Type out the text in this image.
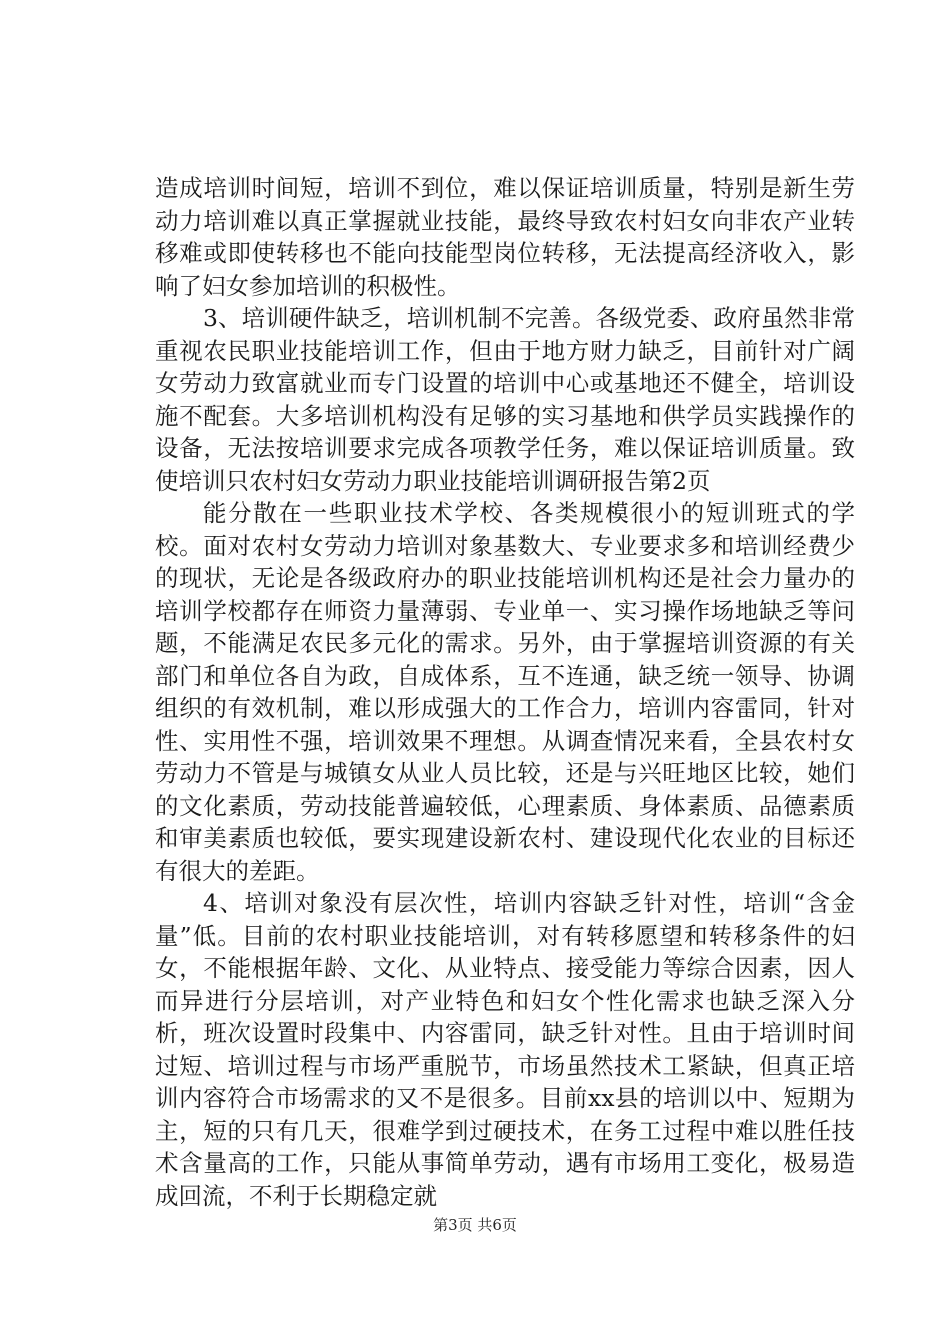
造成培训时间短，培训不到位，难以保证培训质量，特别是新生劳动力培训难以真正掌握就业技能，最终导致农村妇女向非农产业转移难或即使转移也不能向技能型岗位转移，无法提高经济收入，影响了妇女参加培训的积极性。

3、培训硬件缺乏，培训机制不完善。各级党委、政府虽然非常重视农民职业技能培训工作，但由于地方财力缺乏，目前针对广阔女劳动力致富就业而专门设置的培训中心或基地还不健全，培训设施不配套。大多培训机构没有足够的实习基地和供学员实践操作的设备，无法按培训要求完成各项教学任务，难以保证培训质量。致使培训只农村妇女劳动力职业技能培训调研报告第2页

能分散在一些职业技术学校、各类规模很小的短训班式的学校。面对农村女劳动力培训对象基数大、专业要求多和培训经费少的现状，无论是各级政府办的职业技能培训机构还是社会力量办的培训学校都存在师资力量薄弱、专业单一、实习操作场地缺乏等问题，不能满足农民多元化的需求。另外，由于掌握培训资源的有关部门和单位各自为政，自成体系，互不连通，缺乏统一领导、协调组织的有效机制，难以形成强大的工作合力，培训内容雷同，针对性、实用性不强，培训效果不理想。从调查情况来看，全县农村女劳动力不管是与城镇女从业人员比较，还是与兴旺地区比较，她们的文化素质，劳动技能普遍较低，心理素质、身体素质、品德素质和审美素质也较低，要实现建设新农村、建设现代化农业的目标还有很大的差距。

4、培训对象没有层次性，培训内容缺乏针对性，培训“含金量”低。目前的农村职业技能培训，对有转移愿望和转移条件的妇女，不能根据年龄、文化、从业特点、接受能力等综合因素，因人而异进行分层培训，对产业特色和妇女个性化需求也缺乏深入分析，班次设置时段集中、内容雷同，缺乏针对性。且由于培训时间过短、培训过程与市场严重脱节，市场虽然技术工紧缺，但真正培训内容符合市场需求的又不是很多。目前xx县的培训以中、短期为主，短的只有几天，很难学到过硬技术，在务工过程中难以胜任技术含量高的工作，只能从事简单劳动，遇有市场用工变化，极易造成回流，不利于长期稳定就

第3页 共6页
